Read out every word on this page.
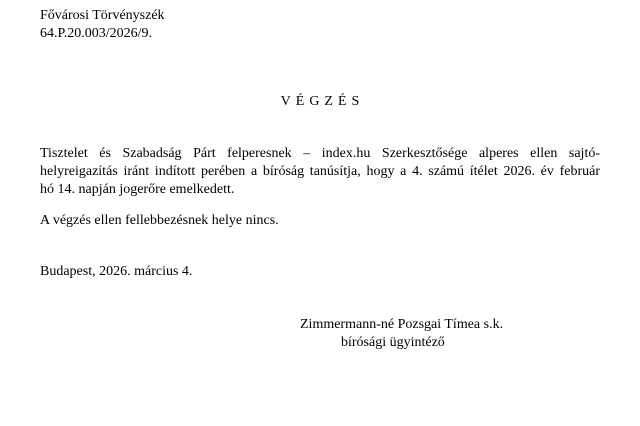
Fővárosi Törvényszék
64.P.20.003/2026/9.
VÉGZÉS
Tisztelet és Szabadság Párt felperesnek – index.hu Szerkesztősége alperes ellen sajtó-
helyreigazítás iránt indított perében a bíróság tanúsítja, hogy a 4. számú ítélet 2026. év február
hó 14. napján jogerőre emelkedett.
A végzés ellen fellebbezésnek helye nincs.
Budapest, 2026. március 4.
Zimmermann-né Pozsgai Tímea s.k.
bírósági ügyintéző
